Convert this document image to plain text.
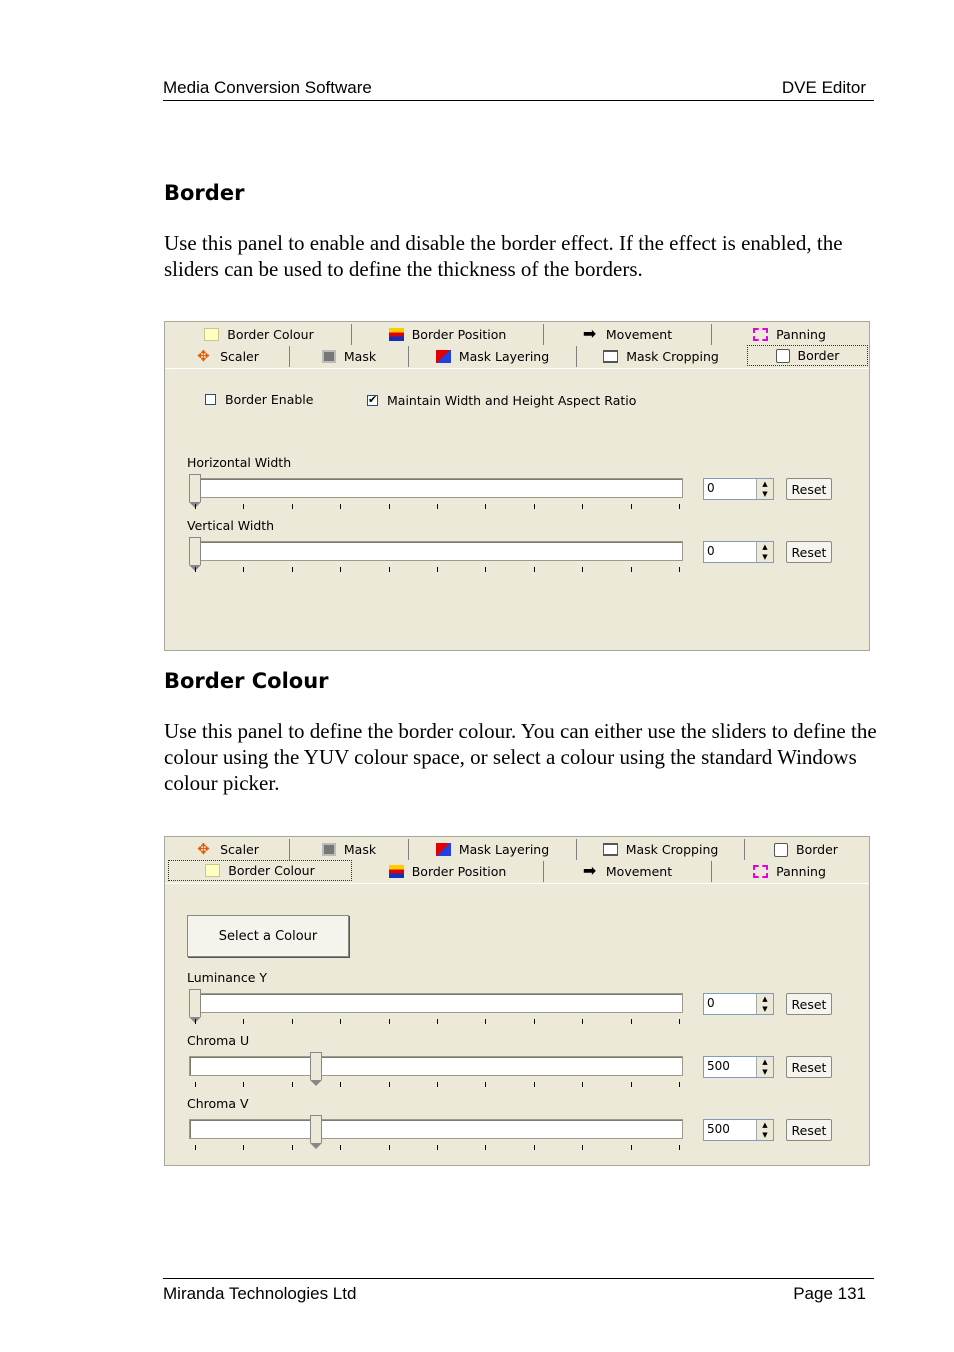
Media Conversion Software	DVE Editor
Border

Use this panel to enable and disable the border effect. If the effect is enabled, the sliders can be used to define the thickness of the borders.

Border Colour	Border Position ➡	Movement	Panning
✥
Scaler	Mask	Mask Layering	Mask Cropping	Border
Border Enable ✔	Maintain Width and Height Aspect Ratio
Horizontal Width
0	▲
▼	Reset
Vertical Width
0	▲
▼	Reset
Border Colour

Use this panel to define the border colour. You can either use the sliders to define the colour using the YUV colour space, or select a colour using the standard Windows colour picker.

✥
Scaler	Mask	Mask Layering	Mask Cropping	Border
Border Colour	Border Position ➡	Movement	Panning
Select a Colour
Luminance Y
0	▲
▼	Reset
Chroma U
500	▲
▼	Reset
Chroma V
500	▲
▼	Reset
Miranda Technologies Ltd	Page 131
